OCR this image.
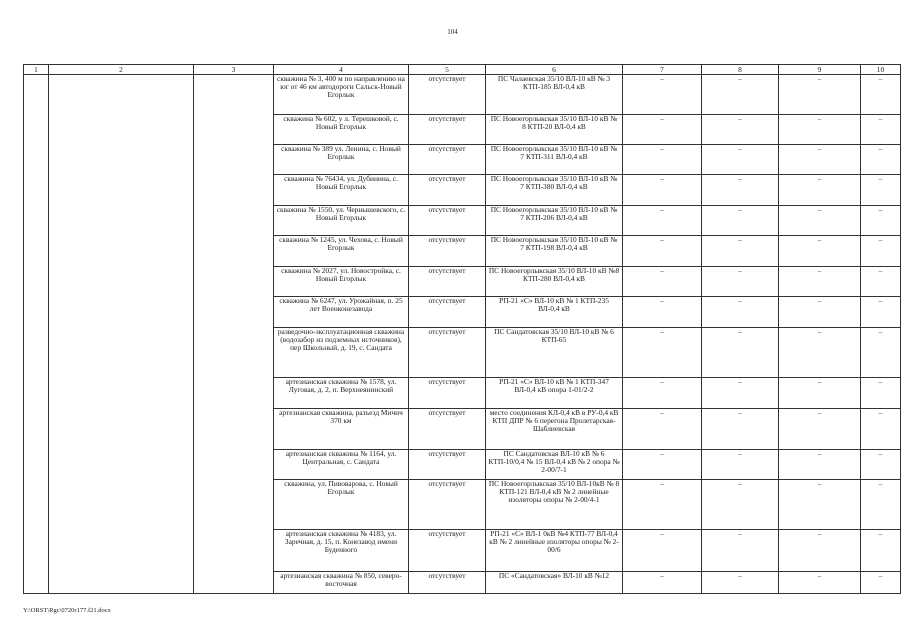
104
1	2	3	4	5	6	7	8	9	10
			скважина № 3, 400 м по направлению на юг от 46 км автодороги Сальск-Новый Егорлык	отсутствует	ПС Чалаевская 35/10 ВЛ-10 кВ № 3 КТП-185 ВЛ-0,4 кВ	–	–	–	–
			скважина № 602, у л. Терешковой, с. Новый Егорлык	отсутствует	ПС Новоегорлыкская 35/10 ВЛ-10 кВ № 8 КТП-20 ВЛ-0,4 кВ	–	–	–	–
			скважина № 389 ул. Ленина, с. Новый Егорлык	отсутствует	ПС Новоегорлыкская 35/10 ВЛ-10 кВ № 7 КТП-311 ВЛ-0,4 кВ	–	–	–	–
			скважина № 76434, ул. Дубинина, с. Новый Егорлык	отсутствует	ПС Новоегорлыкская 35/10 ВЛ-10 кВ № 7 КТП-380 ВЛ-0,4 кВ	–	–	–	–
			скважина № 1550, ул. Чернышевского, с. Новый Егорлык	отсутствует	ПС Новоегорлыкская 35/10 ВЛ-10 кВ № 7 КТП-206 ВЛ-0,4 кВ	–	–	–	–
			скважина № 1245, ул. Чехова, с. Новый Егорлык	отсутствует	ПС Новоегорлыкская 35/10 ВЛ-10 кВ № 7 КТП-198 ВЛ-0,4 кВ	–	–	–	–
			скважина № 2027, ул. Новостройка, с. Новый Егорлык	отсутствует	ПС Новоегорлыкская 35/10 ВЛ-10 кВ №8 КТП-280 ВЛ-0,4 кВ	–	–	–	–
			скважина № 6247, ул. Урожайная, п. 25 лет Военконезавода	отсутствует	РП-21 «С» ВЛ-10 кВ № 1 КТП-235 ВЛ-0,4 кВ	–	–	–	–
			разведочно-эксплуатационная скважина (водозабор из подземных источников), пер Школьный, д. 19, с. Сандата	отсутствует	ПС Сандатовская 35/10 ВЛ-10 кВ № 6 КТП-65	–	–	–	–
			артезианская скважина № 1578, ул. Луговая, д. 2, п. Верхнеянинский	отсутствует	РП-21 «С» ВЛ-10 кВ № 1 КТП-347 ВЛ-0,4 кВ опора 1-01/2-2	–	–	–	–
			артезианская скважина, разъезд Мичич 370 км	отсутствует	место соединения КЛ-0,4 кВ в РУ-0,4 кВ КТП ДПР № 6 перегона Пролетарская-Шаблиевская	–	–	–	–
			артезианская скважина № 1164, ул. Центральная, с. Сандата	отсутствует	ПС Сандатовская ВЛ-10 кВ № 6 КТП-10/0,4 № 15 ВЛ-0,4 кВ № 2 опора № 2-00/7-1	–	–	–	–
			скважина, ул. Пивоварова, с. Новый Егорлык	отсутствует	ПС Новоегорлыкская 35/10 ВЛ-10кВ № 8 КТП-121 ВЛ-0,4 кВ № 2 линейные изоляторы опоры № 2-00/4-1	–	–	–	–
			артезианская скважина № 4183, ул. Заречная, д. 15, п. Конезавод имени Буденного	отсутствует	РП-21 «С» ВЛ-1 0кВ №4 КТП-77 ВЛ-0,4 кВ № 2 линейные изоляторы опоры № 2-00/6	–	–	–	–
			артезианская скважина № 850, северо-восточная	отсутствует	ПС «Сандатовская» ВЛ-10 кВ №12	–	–	–	–
Y:\ORST\Rgc\0720r177.f21.docx
